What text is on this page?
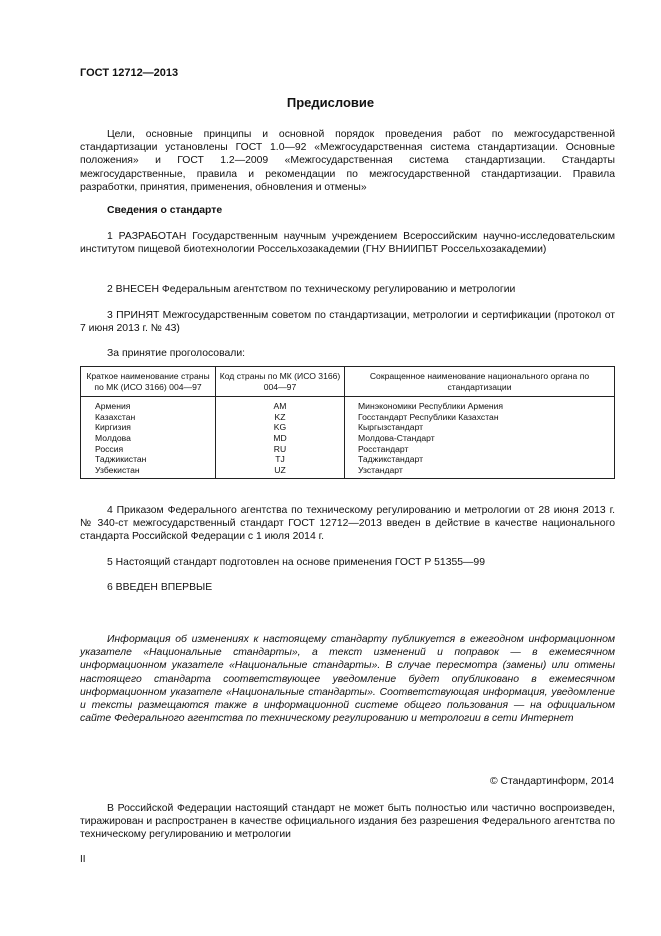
ГОСТ 12712—2013
Предисловие

Цели, основные принципы и основной порядок проведения работ по межгосударственной стандартизации установлены ГОСТ 1.0—92 «Межгосударственная система стандартизации. Основные положения» и ГОСТ 1.2—2009 «Межгосударственная система стандартизации. Стандарты межгосударственные, правила и рекомендации по межгосударственной стандартизации. Правила разработки, принятия, применения, обновления и отмены»

Сведения о стандарте

1 РАЗРАБОТАН Государственным научным учреждением Всероссийским научно-исследовательским институтом пищевой биотехнологии Россельхозакадемии (ГНУ ВНИИПБТ Россельхозакадемии)

2 ВНЕСЕН Федеральным агентством по техническому регулированию и метрологии

3 ПРИНЯТ Межгосударственным советом по стандартизации, метрологии и сертификации (протокол от 7 июня 2013 г. № 43)

За принятие проголосовали:
Краткое наименование страны по МК (ИСО 3166) 004—97	Код страны по МК (ИСО 3166) 004—97	Сокращенное наименование национального органа по стандартизации
Армения	AM	Минэкономики Республики Армения
Казахстан	KZ	Госстандарт Республики Казахстан
Киргизия	KG	Кыргызстандарт
Молдова	MD	Молдова-Стандарт
Россия	RU	Росстандарт
Таджикистан	TJ	Таджикстандарт
Узбекистан	UZ	Узстандарт

4 Приказом Федерального агентства по техническому регулированию и метрологии от 28 июня 2013 г. № 340-ст межгосударственный стандарт ГОСТ 12712—2013 введен в действие в качестве национального стандарта Российской Федерации с 1 июля 2014 г.

5 Настоящий стандарт подготовлен на основе применения ГОСТ Р 51355—99

6 ВВЕДЕН ВПЕРВЫЕ

Информация об изменениях к настоящему стандарту публикуется в ежегодном информационном указателе «Национальные стандарты», а текст изменений и поправок — в ежемесячном информационном указателе «Национальные стандарты». В случае пересмотра (замены) или отмены настоящего стандарта соответствующее уведомление будет опубликовано в ежемесячном информационном указателе «Национальные стандарты». Соответствующая информация, уведомление и тексты размещаются также в информационной системе общего пользования — на официальном сайте Федерального агентства по техническому регулированию и метрологии в сети Интернет

© Стандартинформ, 2014

В Российской Федерации настоящий стандарт не может быть полностью или частично воспроизведен, тиражирован и распространен в качестве официального издания без разрешения Федерального агентства по техническому регулированию и метрологии

II
